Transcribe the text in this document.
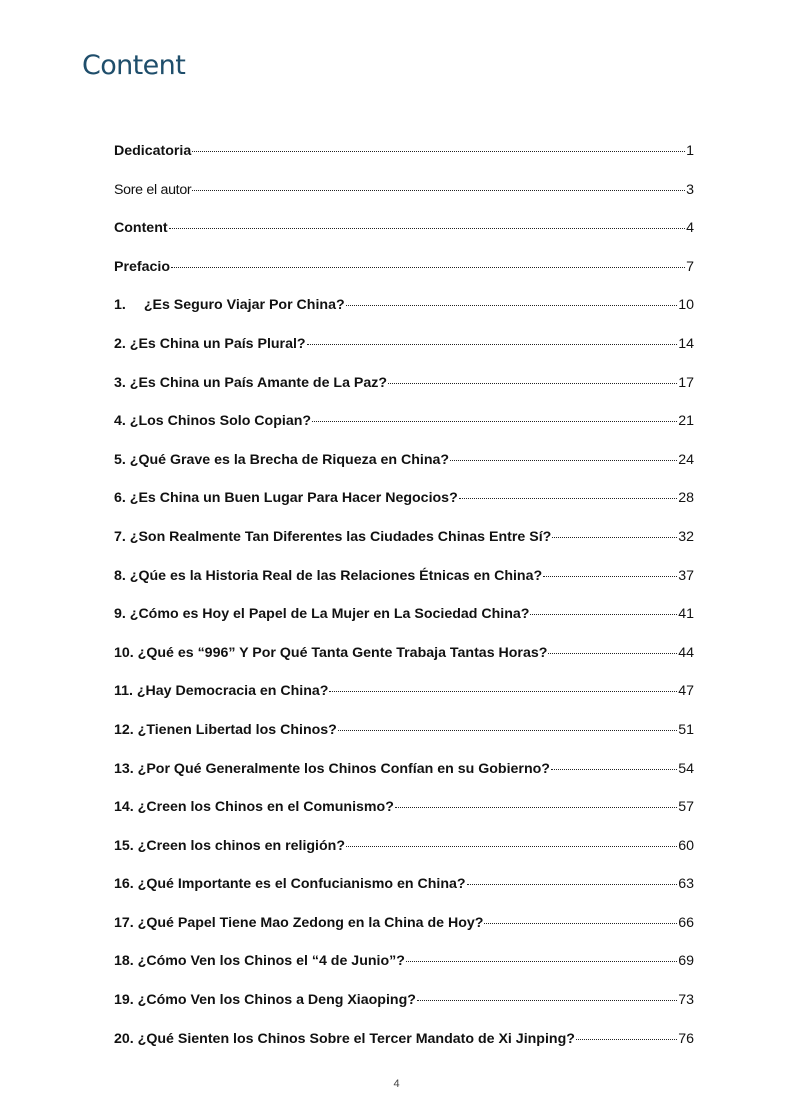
Content
Dedicatoria	1
Sore el autor	3
Content	4
Prefacio	7
1. ¿Es Seguro Viajar Por China?	10
2. ¿Es China un País Plural?	14
3. ¿Es China un País Amante de La Paz?	17
4. ¿Los Chinos Solo Copian?	21
5. ¿Qué Grave es la Brecha de Riqueza en China?	24
6. ¿Es China un Buen Lugar Para Hacer Negocios?	28
7. ¿Son Realmente Tan Diferentes las Ciudades Chinas Entre Sí?	32
8. ¿Qúe es la Historia Real de las Relaciones Étnicas en China?	37
9. ¿Cómo es Hoy el Papel de La Mujer en La Sociedad China?	41
10. ¿Qué es “996” Y Por Qué Tanta Gente Trabaja Tantas Horas?	44
11. ¿Hay Democracia en China?	47
12. ¿Tienen Libertad los Chinos?	51
13. ¿Por Qué Generalmente los Chinos Confían en su Gobierno?	54
14. ¿Creen los Chinos en el Comunismo?	57
15. ¿Creen los chinos en religión?	60
16. ¿Qué Importante es el Confucianismo en China?	63
17. ¿Qué Papel Tiene Mao Zedong en la China de Hoy?	66
18. ¿Cómo Ven los Chinos el “4 de Junio”?	69
19. ¿Cómo Ven los Chinos a Deng Xiaoping?	73
20. ¿Qué Sienten los Chinos Sobre el Tercer Mandato de Xi Jinping?	76
4
